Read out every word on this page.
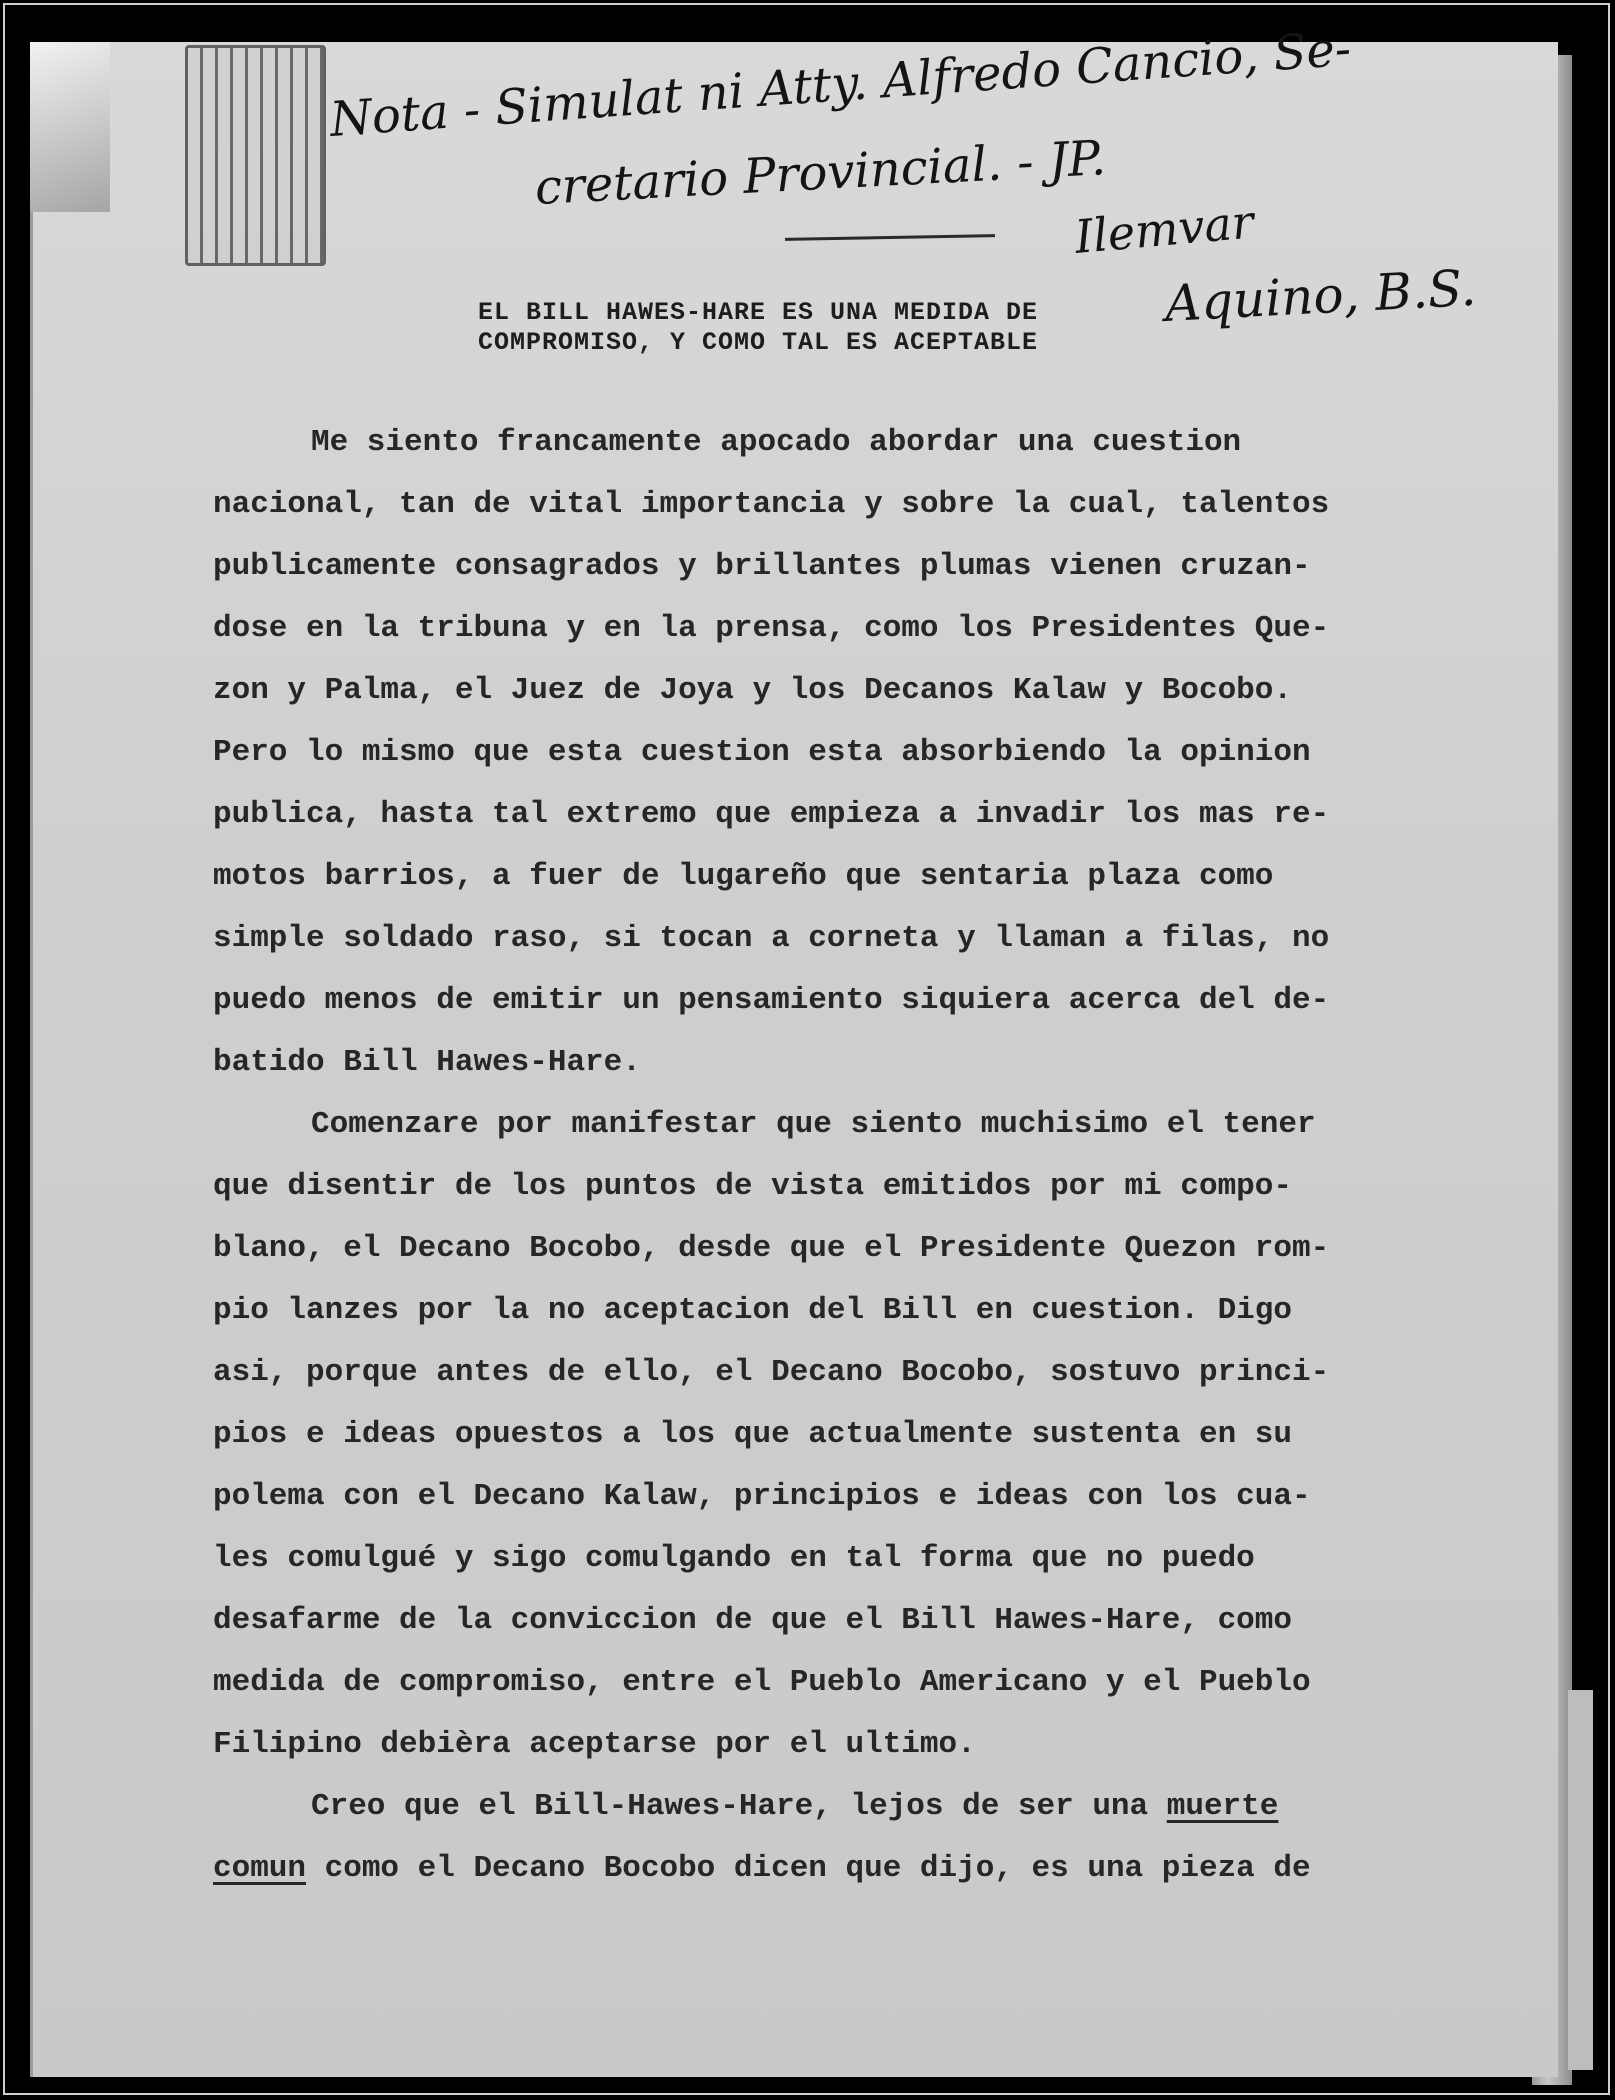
Nota - Simulat ni Atty. Alfredo Cancio, Se-
cretario Provincial. - JP.
Ilemvar
Aquino, B.S.
EL BILL HAWES-HARE ES UNA MEDIDA DE
COMPROMISO, Y COMO TAL ES ACEPTABLE
Me siento francamente apocado abordar una cuestion
nacional, tan de vital importancia y sobre la cual, talentos
publicamente consagrados y brillantes plumas vienen cruzan-
dose en la tribuna y en la prensa, como los Presidentes Que-
zon y Palma, el Juez de Joya y los Decanos Kalaw y Bocobo.
Pero lo mismo que esta cuestion esta absorbiendo la opinion
publica, hasta tal extremo que empieza a invadir los mas re-
motos barrios, a fuer de lugareño que sentaria plaza como
simple soldado raso, si tocan a corneta y llaman a filas, no
puedo menos de emitir un pensamiento siquiera acerca del de-
batido Bill Hawes-Hare.
Comenzare por manifestar que siento muchisimo el tener
que disentir de los puntos de vista emitidos por mi compo-
blano, el Decano Bocobo, desde que el Presidente Quezon rom-
pio lanzes por la no aceptacion del Bill en cuestion. Digo
asi, porque antes de ello, el Decano Bocobo, sostuvo princi-
pios e ideas opuestos a los que actualmente sustenta en su
polema con el Decano Kalaw, principios e ideas con los cua-
les comulgué y sigo comulgando en tal forma que no puedo
desafarme de la conviccion de que el Bill Hawes-Hare, como
medida de compromiso, entre el Pueblo Americano y el Pueblo
Filipino debièra aceptarse por el ultimo.
Creo que el Bill-Hawes-Hare, lejos de ser una muerte
comun como el Decano Bocobo dicen que dijo, es una pieza de
